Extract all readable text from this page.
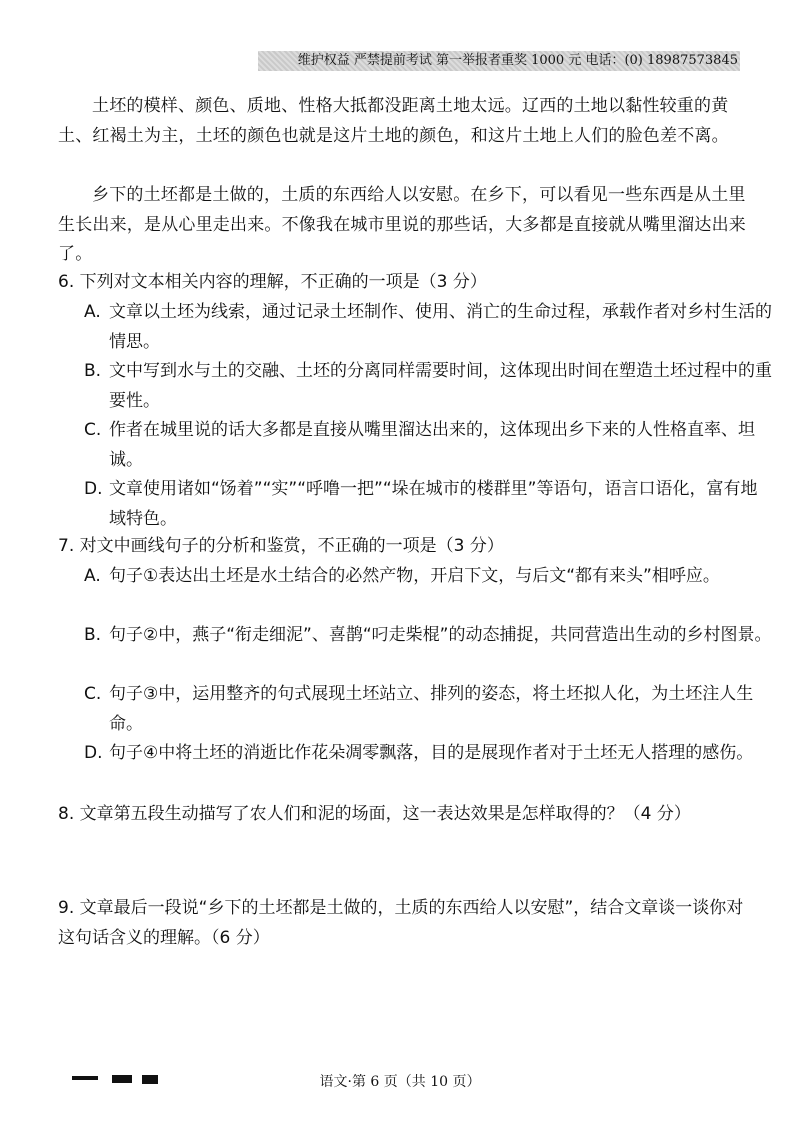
维护权益 严禁提前考试 第一举报者重奖 1000 元 电话：(0) 18987573845
土坯的模样、颜色、质地、性格大抵都没距离土地太远。辽西的土地以黏性较重的黄土、红褐土为主，土坯的颜色也就是这片土地的颜色，和这片土地上人们的脸色差不离。
乡下的土坯都是土做的，土质的东西给人以安慰。在乡下，可以看见一些东西是从土里生长出来，是从心里走出来。不像我在城市里说的那些话，大多都是直接就从嘴里溜达出来了。
6. 下列对文本相关内容的理解，不正确的一项是（3 分）
A. 文章以土坯为线索，通过记录土坯制作、使用、消亡的生命过程，承载作者对乡村生活的情思。
B. 文中写到水与土的交融、土坯的分离同样需要时间，这体现出时间在塑造土坯过程中的重要性。
C. 作者在城里说的话大多都是直接从嘴里溜达出来的，这体现出乡下来的人性格直率、坦诚。
D. 文章使用诸如“饧着”“实”“呼噜一把”“垛在城市的楼群里”等语句，语言口语化，富有地域特色。
7. 对文中画线句子的分析和鉴赏，不正确的一项是（3 分）
A. 句子①表达出土坯是水土结合的必然产物，开启下文，与后文“都有来头”相呼应。
B. 句子②中，燕子“衔走细泥”、喜鹊“叼走柴棍”的动态捕捉，共同营造出生动的乡村图景。
C. 句子③中，运用整齐的句式展现土坯站立、排列的姿态，将土坯拟人化，为土坯注人生命。
D. 句子④中将土坯的消逝比作花朵凋零飘落，目的是展现作者对于土坯无人搭理的感伤。
8. 文章第五段生动描写了农人们和泥的场面，这一表达效果是怎样取得的？（4 分）
9. 文章最后一段说“乡下的土坯都是土做的，土质的东西给人以安慰”，结合文章谈一谈你对这句话含义的理解。（6 分）
语文·第 6 页（共 10 页）
